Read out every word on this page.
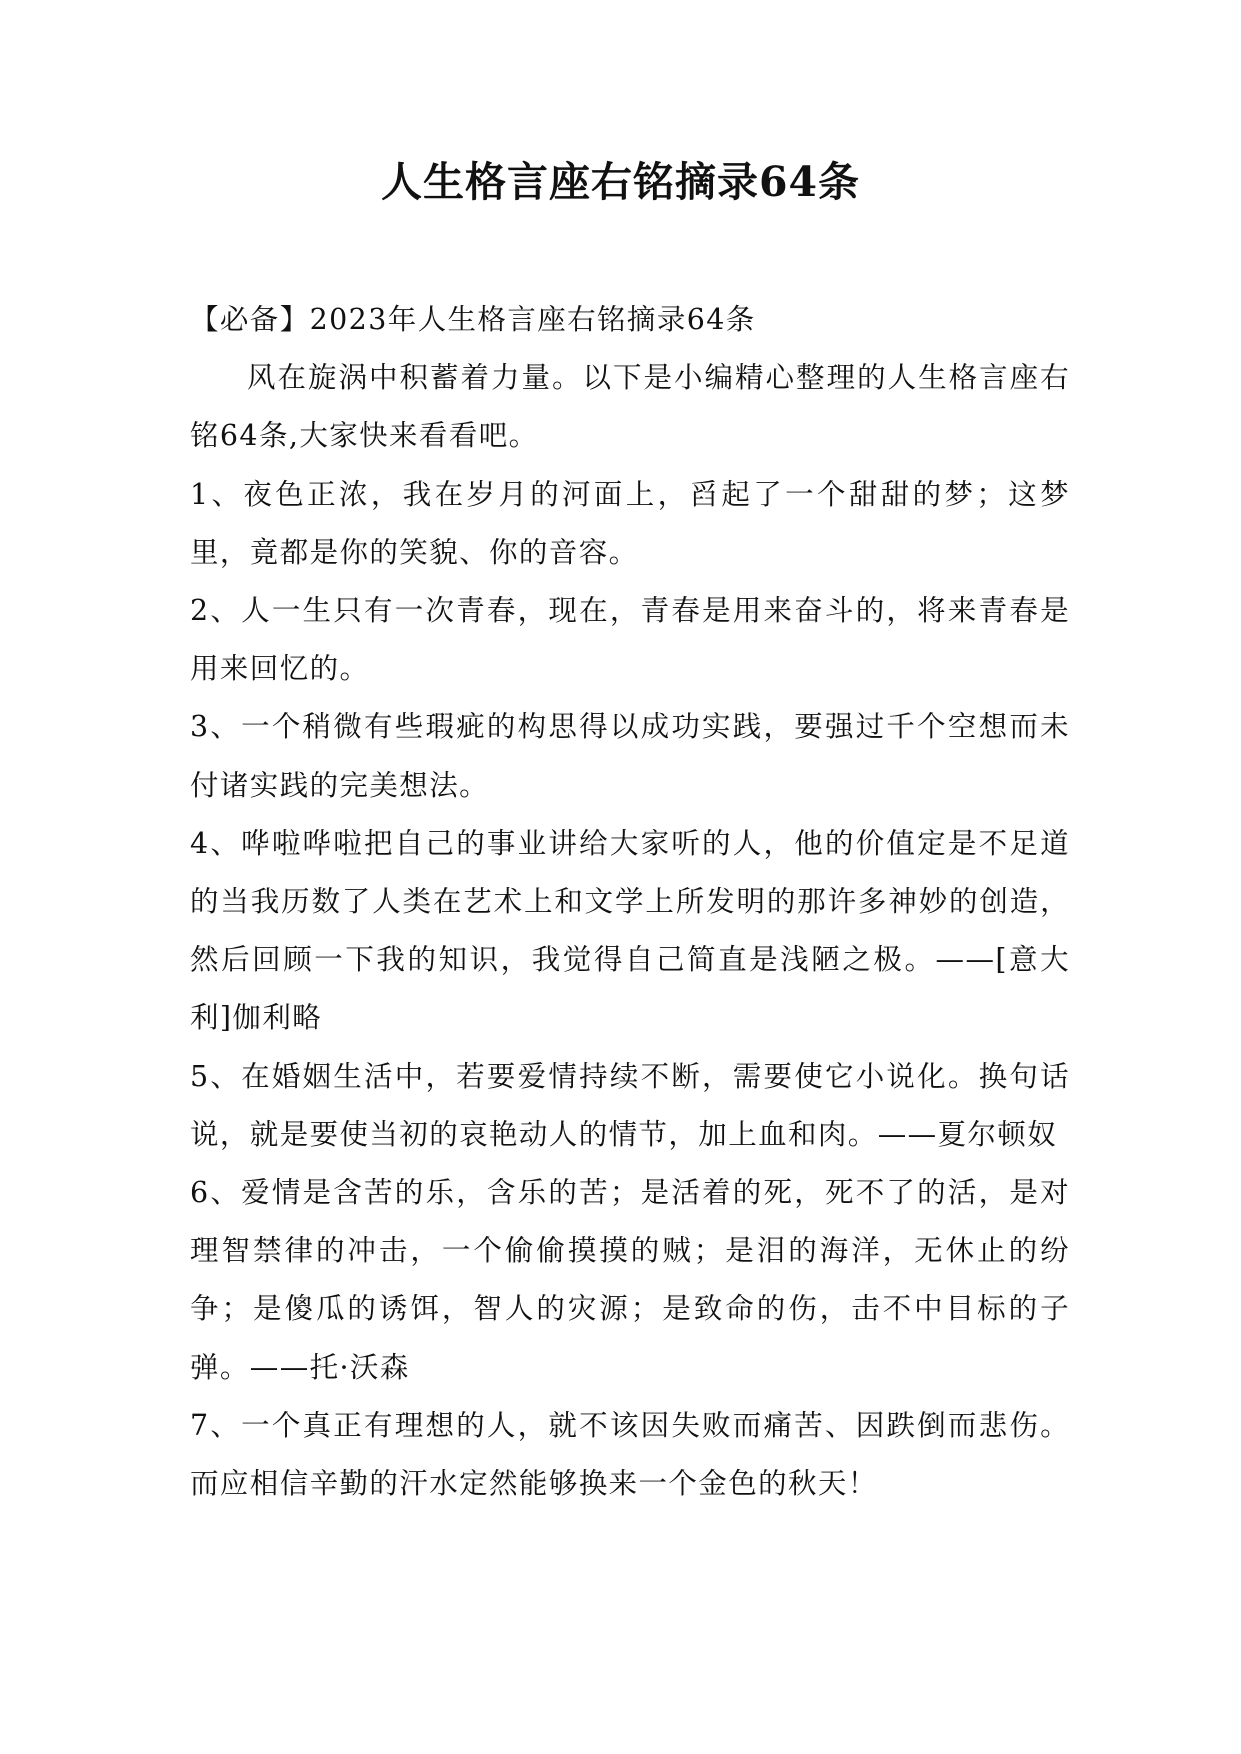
人生格言座右铭摘录64条

【必备】2023年人生格言座右铭摘录64条

风在旋涡中积蓄着力量。以下是小编精心整理的人生格言座右铭64条,大家快来看看吧。

1、夜色正浓，我在岁月的河面上，舀起了一个甜甜的梦；这梦里，竟都是你的笑貌、你的音容。

2、人一生只有一次青春，现在，青春是用来奋斗的，将来青春是用来回忆的。

3、一个稍微有些瑕疵的构思得以成功实践，要强过千个空想而未付诸实践的完美想法。

4、哗啦哗啦把自己的事业讲给大家听的人，他的价值定是不足道的当我历数了人类在艺术上和文学上所发明的那许多神妙的创造，然后回顾一下我的知识，我觉得自己简直是浅陋之极。——[意大利]伽利略

5、在婚姻生活中，若要爱情持续不断，需要使它小说化。换句话说，就是要使当初的哀艳动人的情节，加上血和肉。——夏尔顿奴

6、爱情是含苦的乐，含乐的苦；是活着的死，死不了的活，是对理智禁律的冲击，一个偷偷摸摸的贼；是泪的海洋，无休止的纷争；是傻瓜的诱饵，智人的灾源；是致命的伤，击不中目标的子弹。——托·沃森

7、一个真正有理想的人，就不该因失败而痛苦、因跌倒而悲伤。而应相信辛勤的汗水定然能够换来一个金色的秋天！
